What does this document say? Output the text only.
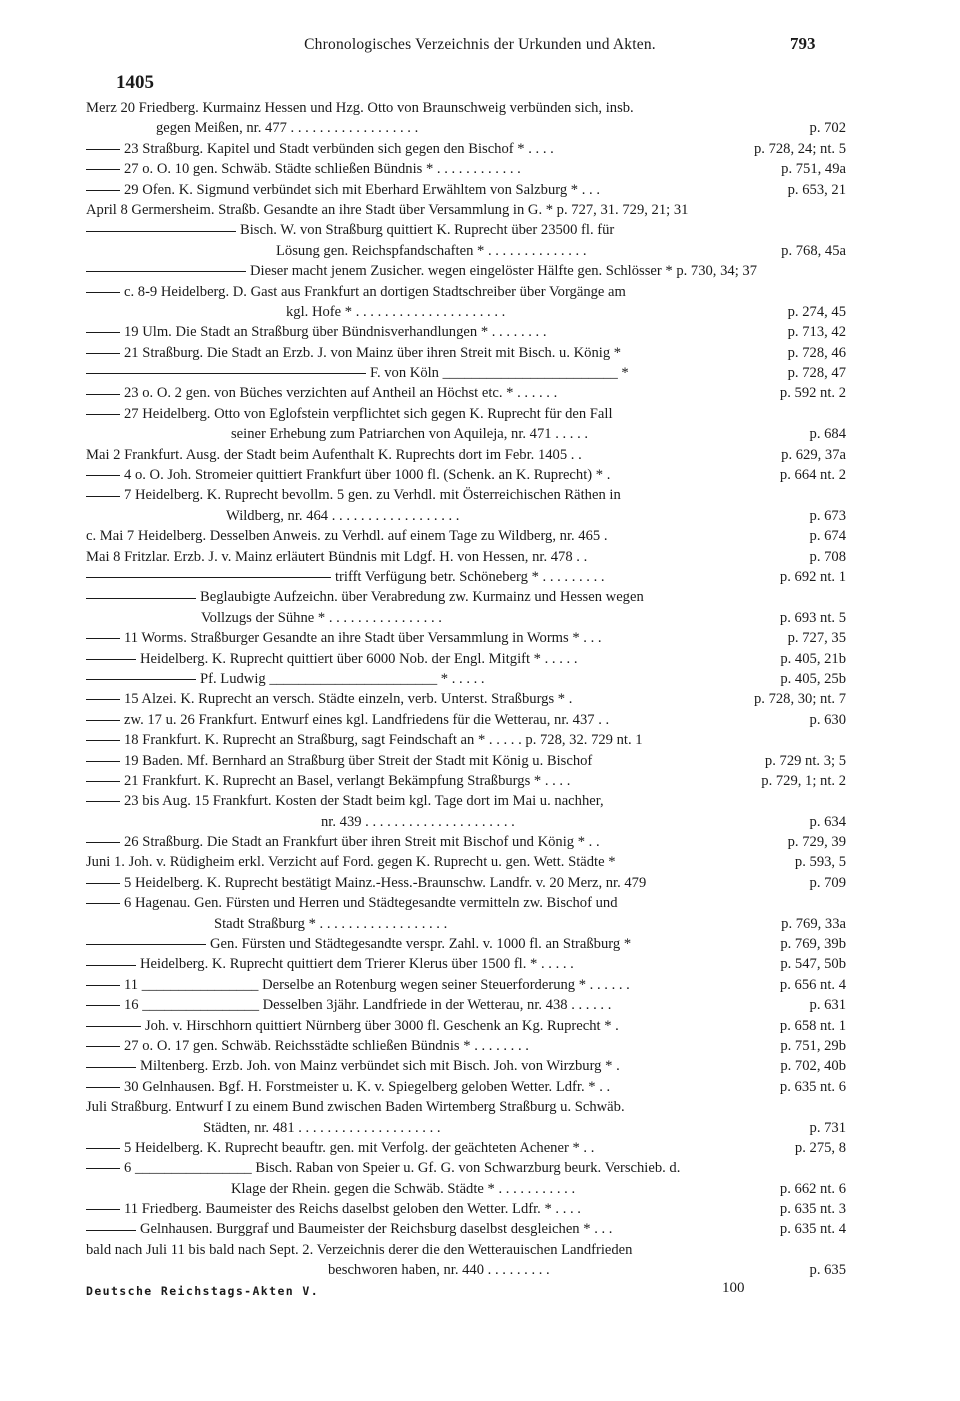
Chronologisches Verzeichnis der Urkunden und Akten.	793
1405
Merz 20 Friedberg. Kurmainz Hessen und Hzg. Otto von Braunschweig verbünden sich, insb.
gegen Meißen, nr. 477 . . . . . . . . . . . . . . . . . .	p. 702
23 Straßburg. Kapitel und Stadt verbünden sich gegen den Bischof * . . . .	p. 728, 24; nt. 5
27 o. O. 10 gen. Schwäb. Städte schließen Bündnis * . . . . . . . . . . . .	p. 751, 49a
29 Ofen. K. Sigmund verbündet sich mit Eberhard Erwähltem von Salzburg * . . .	p. 653, 21
April 8 Germersheim. Straßb. Gesandte an ihre Stadt über Versammlung in G. * p. 727, 31. 729, 21; 31
Bisch. W. von Straßburg quittiert K. Ruprecht über 23500 fl. für
Lösung gen. Reichspfandschaften * . . . . . . . . . . . . . .	p. 768, 45a
Dieser macht jenem Zusicher. wegen eingelöster Hälfte gen. Schlösser * p. 730, 34; 37
c. 8-9 Heidelberg. D. Gast aus Frankfurt an dortigen Stadtschreiber über Vorgänge am
kgl. Hofe * . . . . . . . . . . . . . . . . . . . . .	p. 274, 45
19 Ulm. Die Stadt an Straßburg über Bündnisverhandlungen * . . . . . . . .	p. 713, 42
21 Straßburg. Die Stadt an Erzb. J. von Mainz über ihren Streit mit Bisch. u. König *	p. 728, 46
F. von Köln ________________________ *	p. 728, 47
23 o. O. 2 gen. von Büches verzichten auf Antheil an Höchst etc. * . . . . . .	p. 592 nt. 2
27 Heidelberg. Otto von Eglofstein verpflichtet sich gegen K. Ruprecht für den Fall
seiner Erhebung zum Patriarchen von Aquileja, nr. 471 . . . . .	p. 684
Mai 2 Frankfurt. Ausg. der Stadt beim Aufenthalt K. Ruprechts dort im Febr. 1405 . .	p. 629, 37a
4 o. O. Joh. Stromeier quittiert Frankfurt über 1000 fl. (Schenk. an K. Ruprecht) * .	p. 664 nt. 2
7 Heidelberg. K. Ruprecht bevollm. 5 gen. zu Verhdl. mit Österreichischen Räthen in
Wildberg, nr. 464 . . . . . . . . . . . . . . . . . .	p. 673
c. Mai 7 Heidelberg. Desselben Anweis. zu Verhdl. auf einem Tage zu Wildberg, nr. 465 .	p. 674
Mai 8 Fritzlar. Erzb. J. v. Mainz erläutert Bündnis mit Ldgf. H. von Hessen, nr. 478 . .	p. 708
trifft Verfügung betr. Schöneberg * . . . . . . . . .	p. 692 nt. 1
Beglaubigte Aufzeichn. über Verabredung zw. Kurmainz und Hessen wegen
Vollzugs der Sühne * . . . . . . . . . . . . . . . .	p. 693 nt. 5
11 Worms. Straßburger Gesandte an ihre Stadt über Versammlung in Worms * . . .	p. 727, 35
Heidelberg. K. Ruprecht quittiert über 6000 Nob. der Engl. Mitgift * . . . . .	p. 405, 21b
Pf. Ludwig _______________________ * . . . . .	p. 405, 25b
15 Alzei. K. Ruprecht an versch. Städte einzeln, verb. Unterst. Straßburgs * .	p. 728, 30; nt. 7
zw. 17 u. 26 Frankfurt. Entwurf eines kgl. Landfriedens für die Wetterau, nr. 437 . .	p. 630
18 Frankfurt. K. Ruprecht an Straßburg, sagt Feindschaft an * . . . . . p. 728, 32. 729 nt. 1
19 Baden. Mf. Bernhard an Straßburg über Streit der Stadt mit König u. Bischof	p. 729 nt. 3; 5
21 Frankfurt. K. Ruprecht an Basel, verlangt Bekämpfung Straßburgs * . . . .	p. 729, 1; nt. 2
23 bis Aug. 15 Frankfurt. Kosten der Stadt beim kgl. Tage dort im Mai u. nachher,
nr. 439 . . . . . . . . . . . . . . . . . . . . .	p. 634
26 Straßburg. Die Stadt an Frankfurt über ihren Streit mit Bischof und König * . .	p. 729, 39
Juni 1. Joh. v. Rüdigheim erkl. Verzicht auf Ford. gegen K. Ruprecht u. gen. Wett. Städte *	p. 593, 5
5 Heidelberg. K. Ruprecht bestätigt Mainz.-Hess.-Braunschw. Landfr. v. 20 Merz, nr. 479	p. 709
6 Hagenau. Gen. Fürsten und Herren und Städtegesandte vermitteln zw. Bischof und
Stadt Straßburg * . . . . . . . . . . . . . . . . . .	p. 769, 33a
Gen. Fürsten und Städtegesandte verspr. Zahl. v. 1000 fl. an Straßburg *	p. 769, 39b
Heidelberg. K. Ruprecht quittiert dem Trierer Klerus über 1500 fl. * . . . . .	p. 547, 50b
11 ________________ Derselbe an Rotenburg wegen seiner Steuerforderung * . . . . . .	p. 656 nt. 4
16 ________________ Desselben 3jähr. Landfriede in der Wetterau, nr. 438 . . . . . .	p. 631
Joh. v. Hirschhorn quittiert Nürnberg über 3000 fl. Geschenk an Kg. Ruprecht * .	p. 658 nt. 1
27 o. O. 17 gen. Schwäb. Reichsstädte schließen Bündnis * . . . . . . . .	p. 751, 29b
Miltenberg. Erzb. Joh. von Mainz verbündet sich mit Bisch. Joh. von Wirzburg * .	p. 702, 40b
30 Gelnhausen. Bgf. H. Forstmeister u. K. v. Spiegelberg geloben Wetter. Ldfr. * . .	p. 635 nt. 6
Juli Straßburg. Entwurf I zu einem Bund zwischen Baden Wirtemberg Straßburg u. Schwäb.
Städten, nr. 481 . . . . . . . . . . . . . . . . . . . .	p. 731
5 Heidelberg. K. Ruprecht beauftr. gen. mit Verfolg. der geächteten Achener * . .	p. 275, 8
6 ________________ Bisch. Raban von Speier u. Gf. G. von Schwarzburg beurk. Verschieb. d.
Klage der Rhein. gegen die Schwäb. Städte * . . . . . . . . . . .	p. 662 nt. 6
11 Friedberg. Baumeister des Reichs daselbst geloben den Wetter. Ldfr. * . . . .	p. 635 nt. 3
Gelnhausen. Burggraf und Baumeister der Reichsburg daselbst desgleichen * . . .	p. 635 nt. 4
bald nach Juli 11 bis bald nach Sept. 2. Verzeichnis derer die den Wetterauischen Landfrieden
beschworen haben, nr. 440 . . . . . . . . .	p. 635
Deutsche Reichstags-Akten V.	100
